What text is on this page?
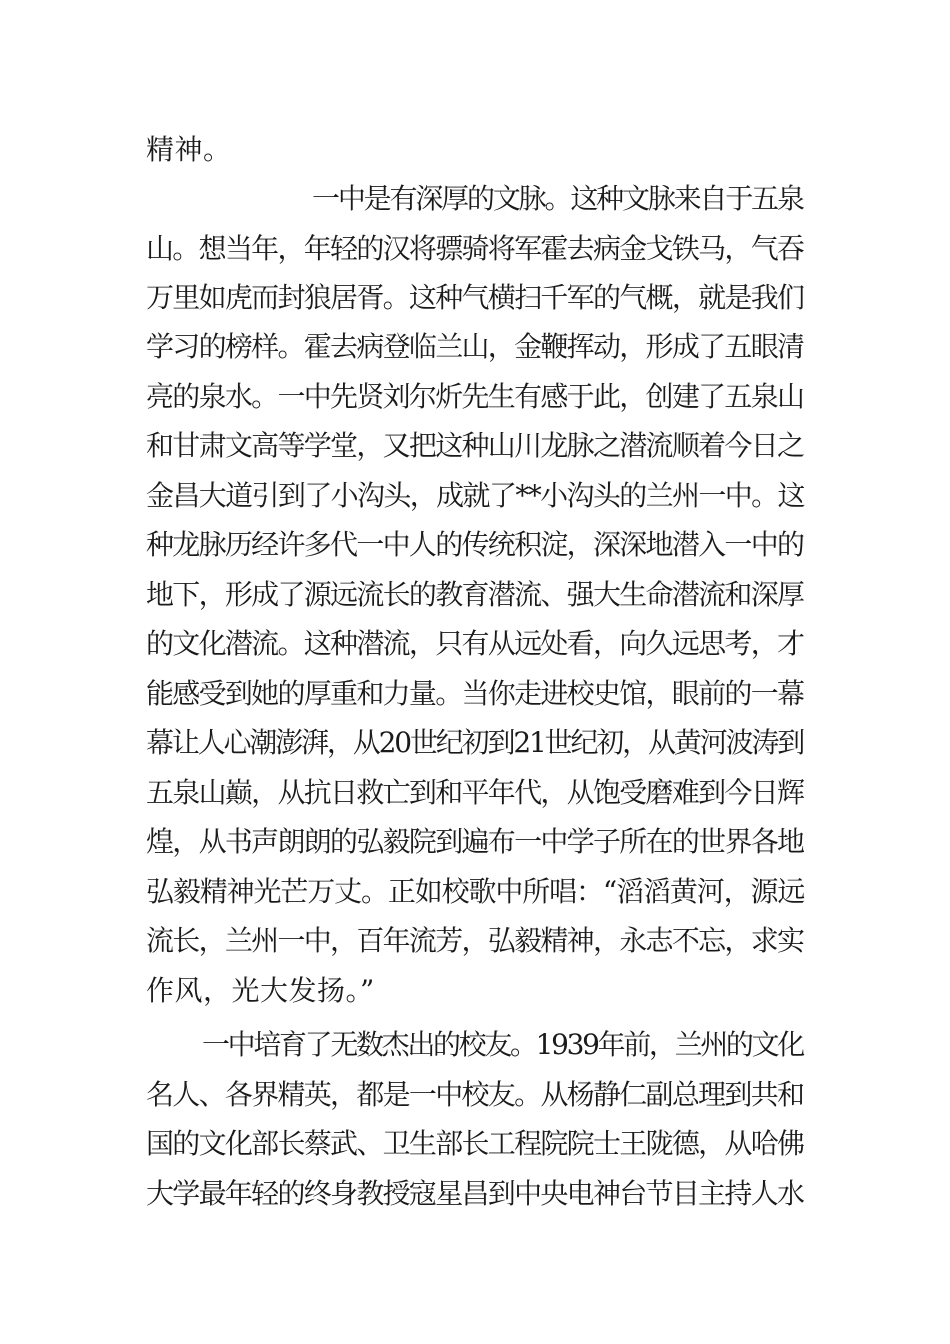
精神。
一中是有深厚的文脉。这种文脉来自于五泉
山。想当年，年轻的汉将骠骑将军霍去病金戈铁马，气吞
万里如虎而封狼居胥。这种气横扫千军的气概，就是我们
学习的榜样。霍去病登临兰山，金鞭挥动，形成了五眼清
亮的泉水。一中先贤刘尔炘先生有感于此，创建了五泉山
和甘肃文高等学堂，又把这种山川龙脉之潜流顺着今日之
金昌大道引到了小沟头，成就了**小沟头的兰州一中。这
种龙脉历经许多代一中人的传统积淀，深深地潜入一中的
地下，形成了源远流长的教育潜流、强大生命潜流和深厚
的文化潜流。这种潜流，只有从远处看，向久远思考，才
能感受到她的厚重和力量。当你走进校史馆，眼前的一幕
幕让人心潮澎湃，从20世纪初到21世纪初，从黄河波涛到
五泉山巅，从抗日救亡到和平年代，从饱受磨难到今日辉
煌，从书声朗朗的弘毅院到遍布一中学子所在的世界各地
弘毅精神光芒万丈。正如校歌中所唱：“滔滔黄河，源远
流长，兰州一中，百年流芳，弘毅精神，永志不忘，求实
作风，光大发扬。”
一中培育了无数杰出的校友。1939年前，兰州的文化
名人、各界精英，都是一中校友。从杨静仁副总理到共和
国的文化部长蔡武、卫生部长工程院院士王陇德，从哈佛
大学最年轻的终身教授寇星昌到中央电神台节目主持人水
